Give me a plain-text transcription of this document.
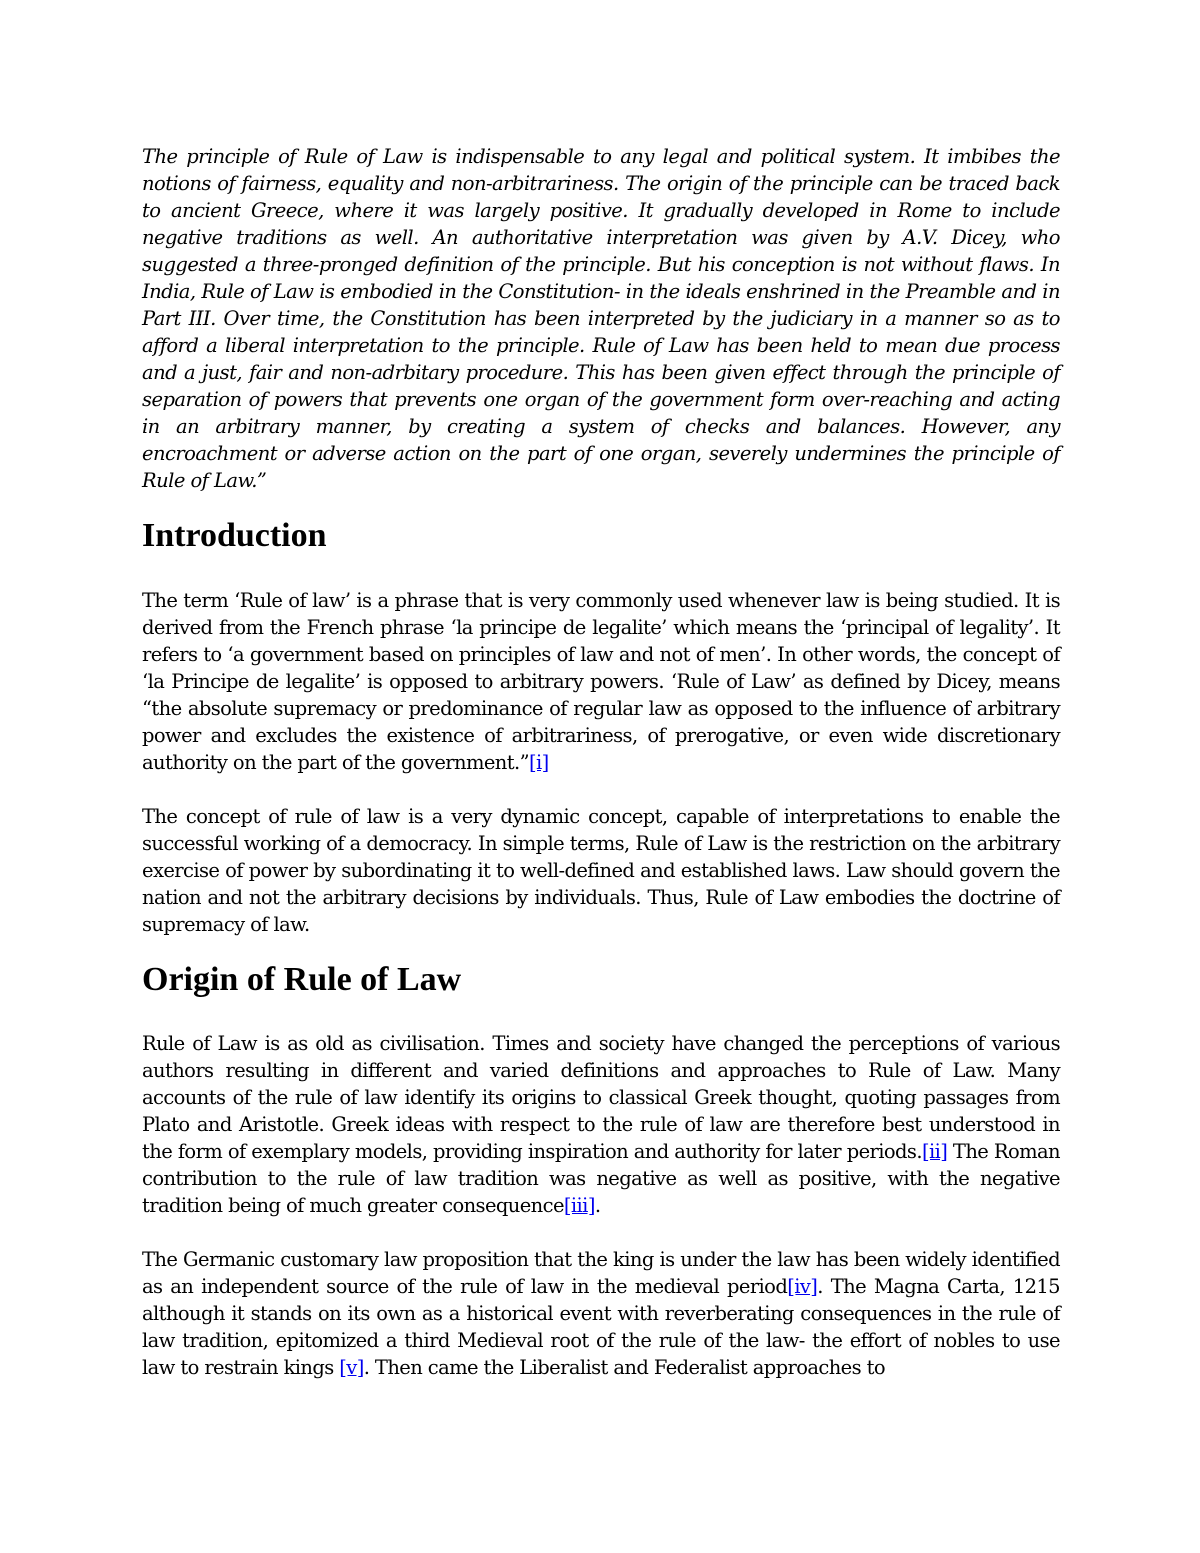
The principle of Rule of Law is indispensable to any legal and political system. It imbibes the notions of fairness, equality and non-arbitrariness. The origin of the principle can be traced back to ancient Greece, where it was largely positive. It gradually developed in Rome to include negative traditions as well. An authoritative interpretation was given by A.V. Dicey, who suggested a three-pronged definition of the principle. But his conception is not without flaws. In India, Rule of Law is embodied in the Constitution- in the ideals enshrined in the Preamble and in Part III. Over time, the Constitution has been interpreted by the judiciary in a manner so as to afford a liberal interpretation to the principle. Rule of Law has been held to mean due process and a just, fair and non-adrbitary procedure. This has been given effect through the principle of separation of powers that prevents one organ of the government form over-reaching and acting in an arbitrary manner, by creating a system of checks and balances. However, any encroachment or adverse action on the part of one organ, severely undermines the principle of Rule of Law.”

Introduction

The term ‘Rule of law’ is a phrase that is very commonly used whenever law is being studied. It is derived from the French phrase ‘la principe de legalite’ which means the ‘principal of legality’. It refers to ‘a government based on principles of law and not of men’. In other words, the concept of ‘la Principe de legalite’ is opposed to arbitrary powers. ‘Rule of Law’ as defined by Dicey, means “the absolute supremacy or predominance of regular law as opposed to the influence of arbitrary power and excludes the existence of arbitrariness, of prerogative, or even wide discretionary authority on the part of the government.”[i]

The concept of rule of law is a very dynamic concept, capable of interpretations to enable the successful working of a democracy. In simple terms, Rule of Law is the restriction on the arbitrary exercise of power by subordinating it to well-defined and established laws. Law should govern the nation and not the arbitrary decisions by individuals. Thus, Rule of Law embodies the doctrine of supremacy of law.

Origin of Rule of Law

Rule of Law is as old as civilisation. Times and society have changed the perceptions of various authors resulting in different and varied definitions and approaches to Rule of Law. Many accounts of the rule of law identify its origins to classical Greek thought, quoting passages from Plato and Aristotle. Greek ideas with respect to the rule of law are therefore best understood in the form of exemplary models, providing inspiration and authority for later periods.[ii] The Roman contribution to the rule of law tradition was negative as well as positive, with the negative tradition being of much greater consequence[iii].

The Germanic customary law proposition that the king is under the law has been widely identified as an independent source of the rule of law in the medieval period[iv]. The Magna Carta, 1215 although it stands on its own as a historical event with reverberating consequences in the rule of law tradition, epitomized a third Medieval root of the rule of the law- the effort of nobles to use law to restrain kings [v]. Then came the Liberalist and Federalist approaches to
